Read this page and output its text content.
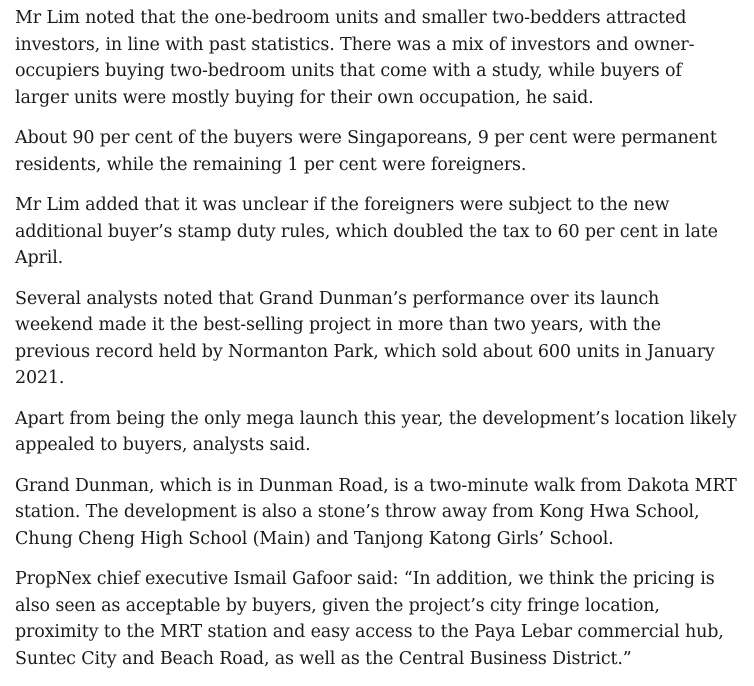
Mr Lim noted that the one-bedroom units and smaller two-bedders attracted investors, in line with past statistics. There was a mix of investors and owner-occupiers buying two-bedroom units that come with a study, while buyers of larger units were mostly buying for their own occupation, he said.

About 90 per cent of the buyers were Singaporeans, 9 per cent were permanent residents, while the remaining 1 per cent were foreigners.

Mr Lim added that it was unclear if the foreigners were subject to the new additional buyer’s stamp duty rules, which doubled the tax to 60 per cent in late April.

Several analysts noted that Grand Dunman’s performance over its launch weekend made it the best-selling project in more than two years, with the previous record held by Normanton Park, which sold about 600 units in January 2021.

Apart from being the only mega launch this year, the development’s location likely appealed to buyers, analysts said.

Grand Dunman, which is in Dunman Road, is a two-minute walk from Dakota MRT station. The development is also a stone’s throw away from Kong Hwa School, Chung Cheng High School (Main) and Tanjong Katong Girls’ School.

PropNex chief executive Ismail Gafoor said: “In addition, we think the pricing is also seen as acceptable by buyers, given the project’s city fringe location, proximity to the MRT station and easy access to the Paya Lebar commercial hub, Suntec City and Beach Road, as well as the Central Business District.”
